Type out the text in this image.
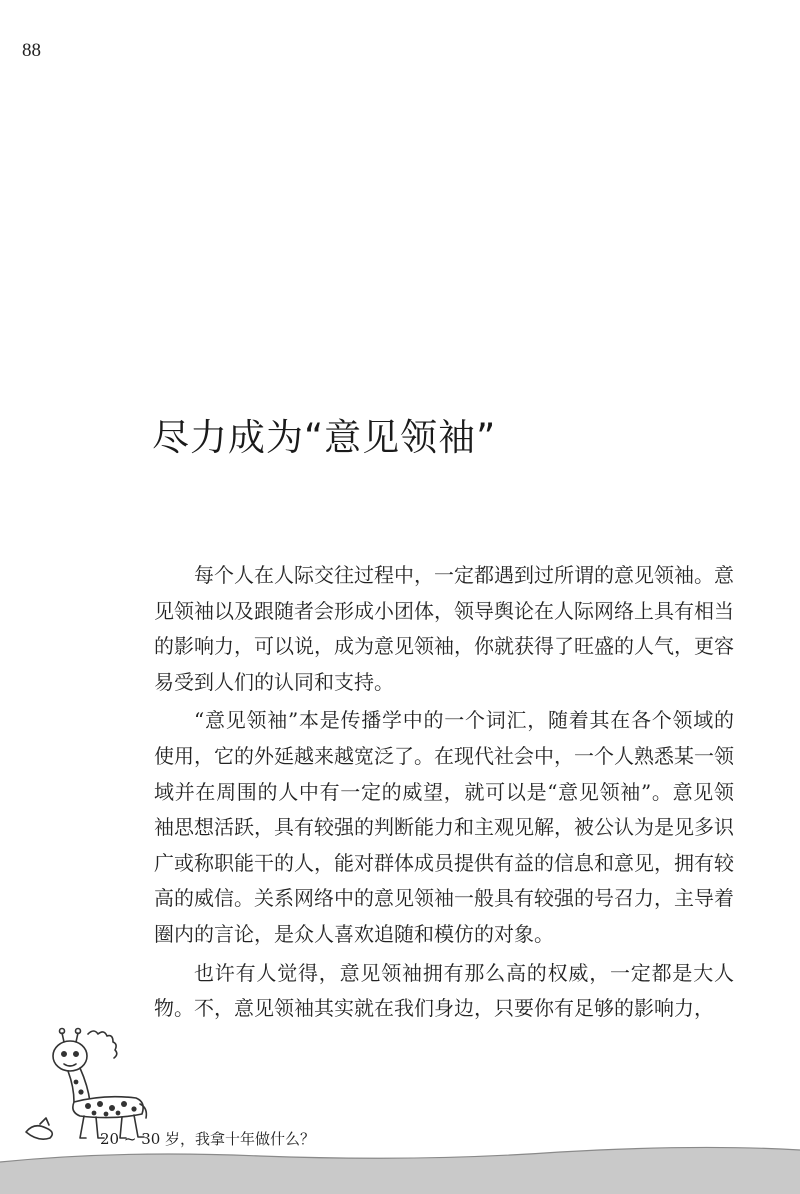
88
尽力成为“意见领袖”

每个人在人际交往过程中，一定都遇到过所谓的意见领袖。意见领袖以及跟随者会形成小团体，领导舆论在人际网络上具有相当的影响力，可以说，成为意见领袖，你就获得了旺盛的人气，更容易受到人们的认同和支持。

“意见领袖”本是传播学中的一个词汇，随着其在各个领域的使用，它的外延越来越宽泛了。在现代社会中，一个人熟悉某一领域并在周围的人中有一定的威望，就可以是“意见领袖”。意见领袖思想活跃，具有较强的判断能力和主观见解，被公认为是见多识广或称职能干的人，能对群体成员提供有益的信息和意见，拥有较高的威信。关系网络中的意见领袖一般具有较强的号召力，主导着圈内的言论，是众人喜欢追随和模仿的对象。

也许有人觉得，意见领袖拥有那么高的权威，一定都是大人物。不，意见领袖其实就在我们身边，只要你有足够的影响力，

20 ~ 30 岁，我拿十年做什么？
